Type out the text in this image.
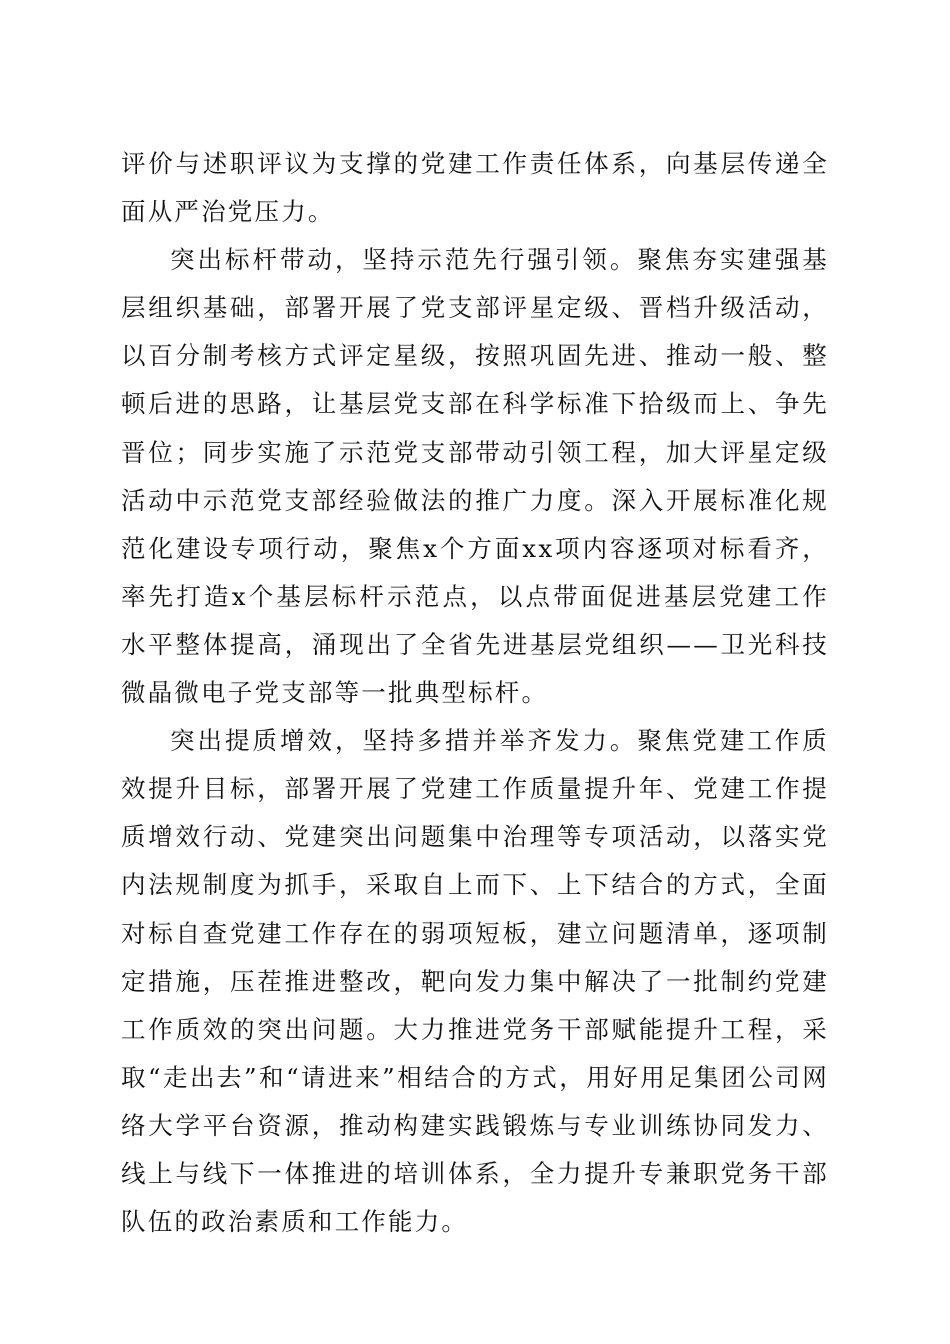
评价与述职评议为支撑的党建工作责任体系，向基层传递全面从严治党压力。

突出标杆带动，坚持示范先行强引领。聚焦夯实建强基层组织基础，部署开展了党支部评星定级、晋档升级活动，以百分制考核方式评定星级，按照巩固先进、推动一般、整顿后进的思路，让基层党支部在科学标准下拾级而上、争先晋位；同步实施了示范党支部带动引领工程，加大评星定级活动中示范党支部经验做法的推广力度。深入开展标准化规范化建设专项行动，聚焦x个方面xx项内容逐项对标看齐，率先打造x个基层标杆示范点，以点带面促进基层党建工作水平整体提高，涌现出了全省先进基层党组织——卫光科技微晶微电子党支部等一批典型标杆。

突出提质增效，坚持多措并举齐发力。聚焦党建工作质效提升目标，部署开展了党建工作质量提升年、党建工作提质增效行动、党建突出问题集中治理等专项活动，以落实党内法规制度为抓手，采取自上而下、上下结合的方式，全面对标自查党建工作存在的弱项短板，建立问题清单，逐项制定措施，压茬推进整改，靶向发力集中解决了一批制约党建工作质效的突出问题。大力推进党务干部赋能提升工程，采取“走出去”和“请进来”相结合的方式，用好用足集团公司网络大学平台资源，推动构建实践锻炼与专业训练协同发力、线上与线下一体推进的培训体系，全力提升专兼职党务干部队伍的政治素质和工作能力。
